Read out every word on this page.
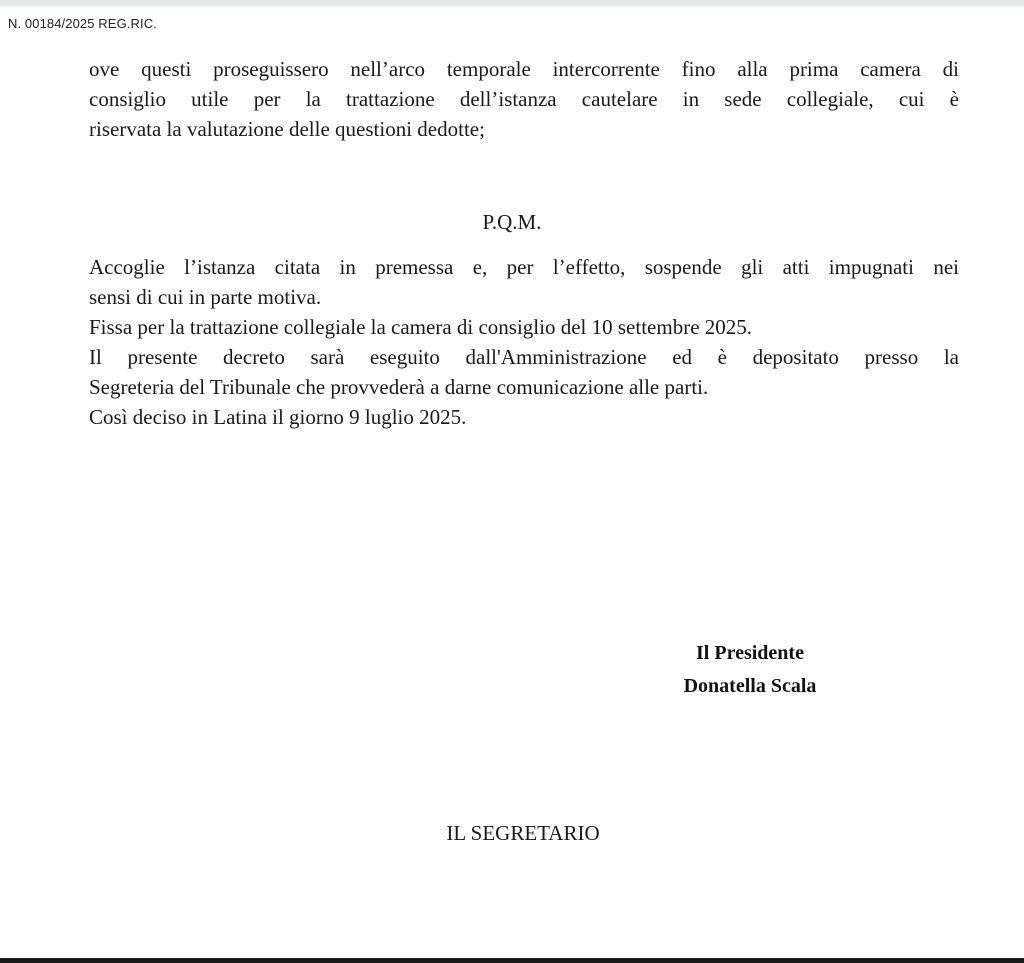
N. 00184/2025 REG.RIC.
ove questi proseguissero nell’arco temporale intercorrente fino alla prima camera di
consiglio utile per la trattazione dell’istanza cautelare in sede collegiale, cui è
riservata la valutazione delle questioni dedotte;
P.Q.M.
Accoglie l’istanza citata in premessa e, per l’effetto, sospende gli atti impugnati nei
sensi di cui in parte motiva.
Fissa per la trattazione collegiale la camera di consiglio del 10 settembre 2025.
Il presente decreto sarà eseguito dall'Amministrazione ed è depositato presso la
Segreteria del Tribunale che provvederà a darne comunicazione alle parti.
Così deciso in Latina il giorno 9 luglio 2025.
Il Presidente
Donatella Scala
IL SEGRETARIO
